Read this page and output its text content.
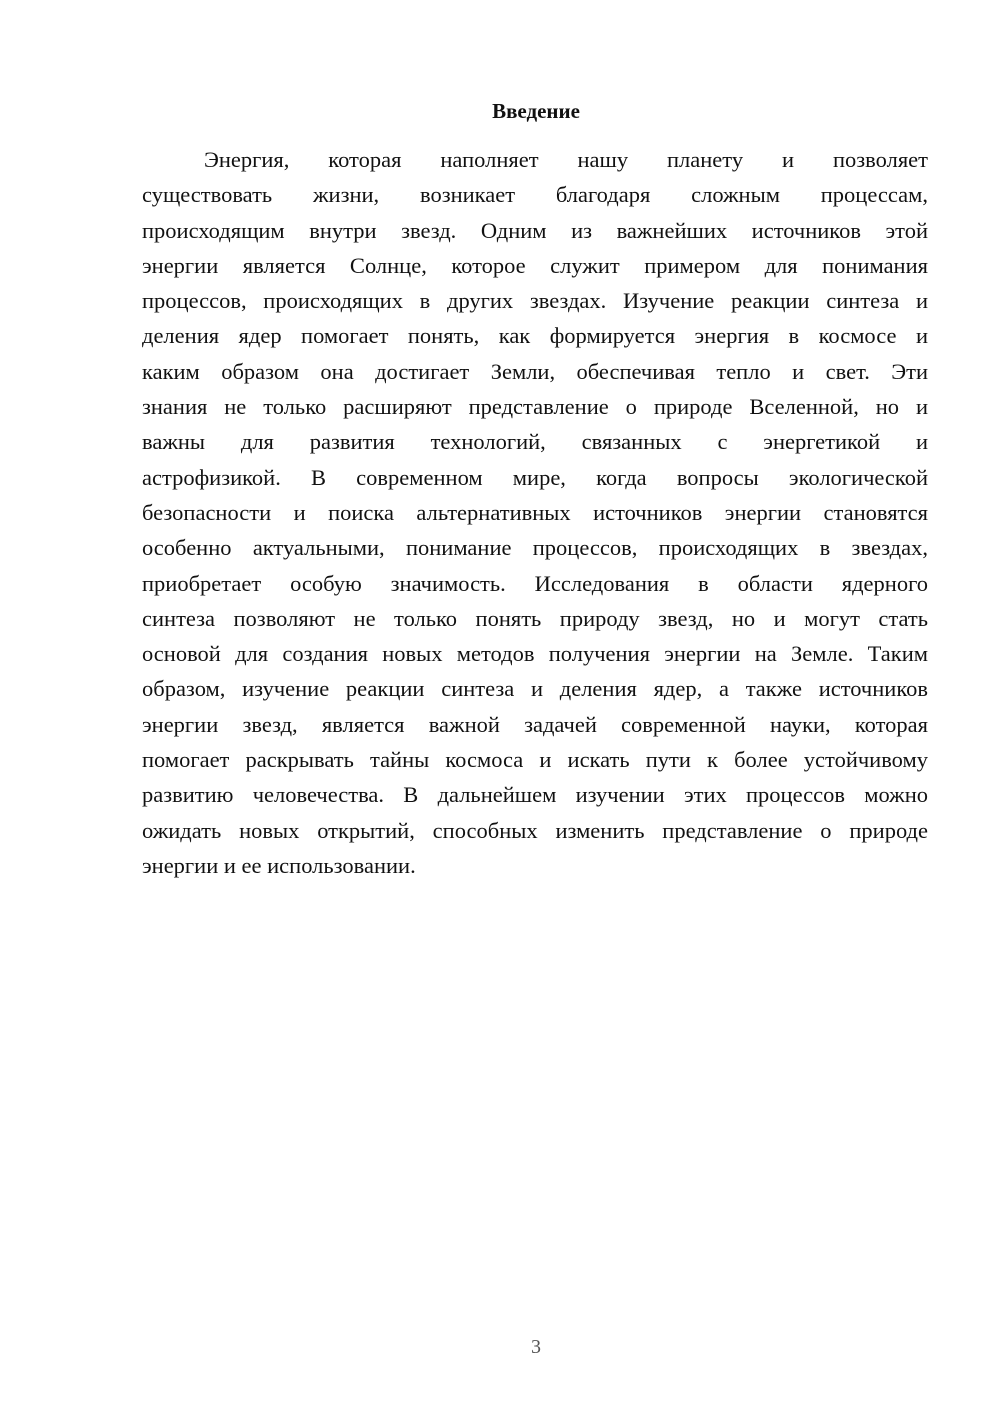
Введение
Энергия, которая наполняет нашу планету и позволяет
существовать жизни, возникает благодаря сложным процессам,
происходящим внутри звезд. Одним из важнейших источников этой
энергии является Солнце, которое служит примером для понимания
процессов, происходящих в других звездах. Изучение реакции синтеза и
деления ядер помогает понять, как формируется энергия в космосе и
каким образом она достигает Земли, обеспечивая тепло и свет. Эти
знания не только расширяют представление о природе Вселенной, но и
важны для развития технологий, связанных с энергетикой и
астрофизикой. В современном мире, когда вопросы экологической
безопасности и поиска альтернативных источников энергии становятся
особенно актуальными, понимание процессов, происходящих в звездах,
приобретает особую значимость. Исследования в области ядерного
синтеза позволяют не только понять природу звезд, но и могут стать
основой для создания новых методов получения энергии на Земле. Таким
образом, изучение реакции синтеза и деления ядер, а также источников
энергии звезд, является важной задачей современной науки, которая
помогает раскрывать тайны космоса и искать пути к более устойчивому
развитию человечества. В дальнейшем изучении этих процессов можно
ожидать новых открытий, способных изменить представление о природе
энергии и ее использовании.
3
